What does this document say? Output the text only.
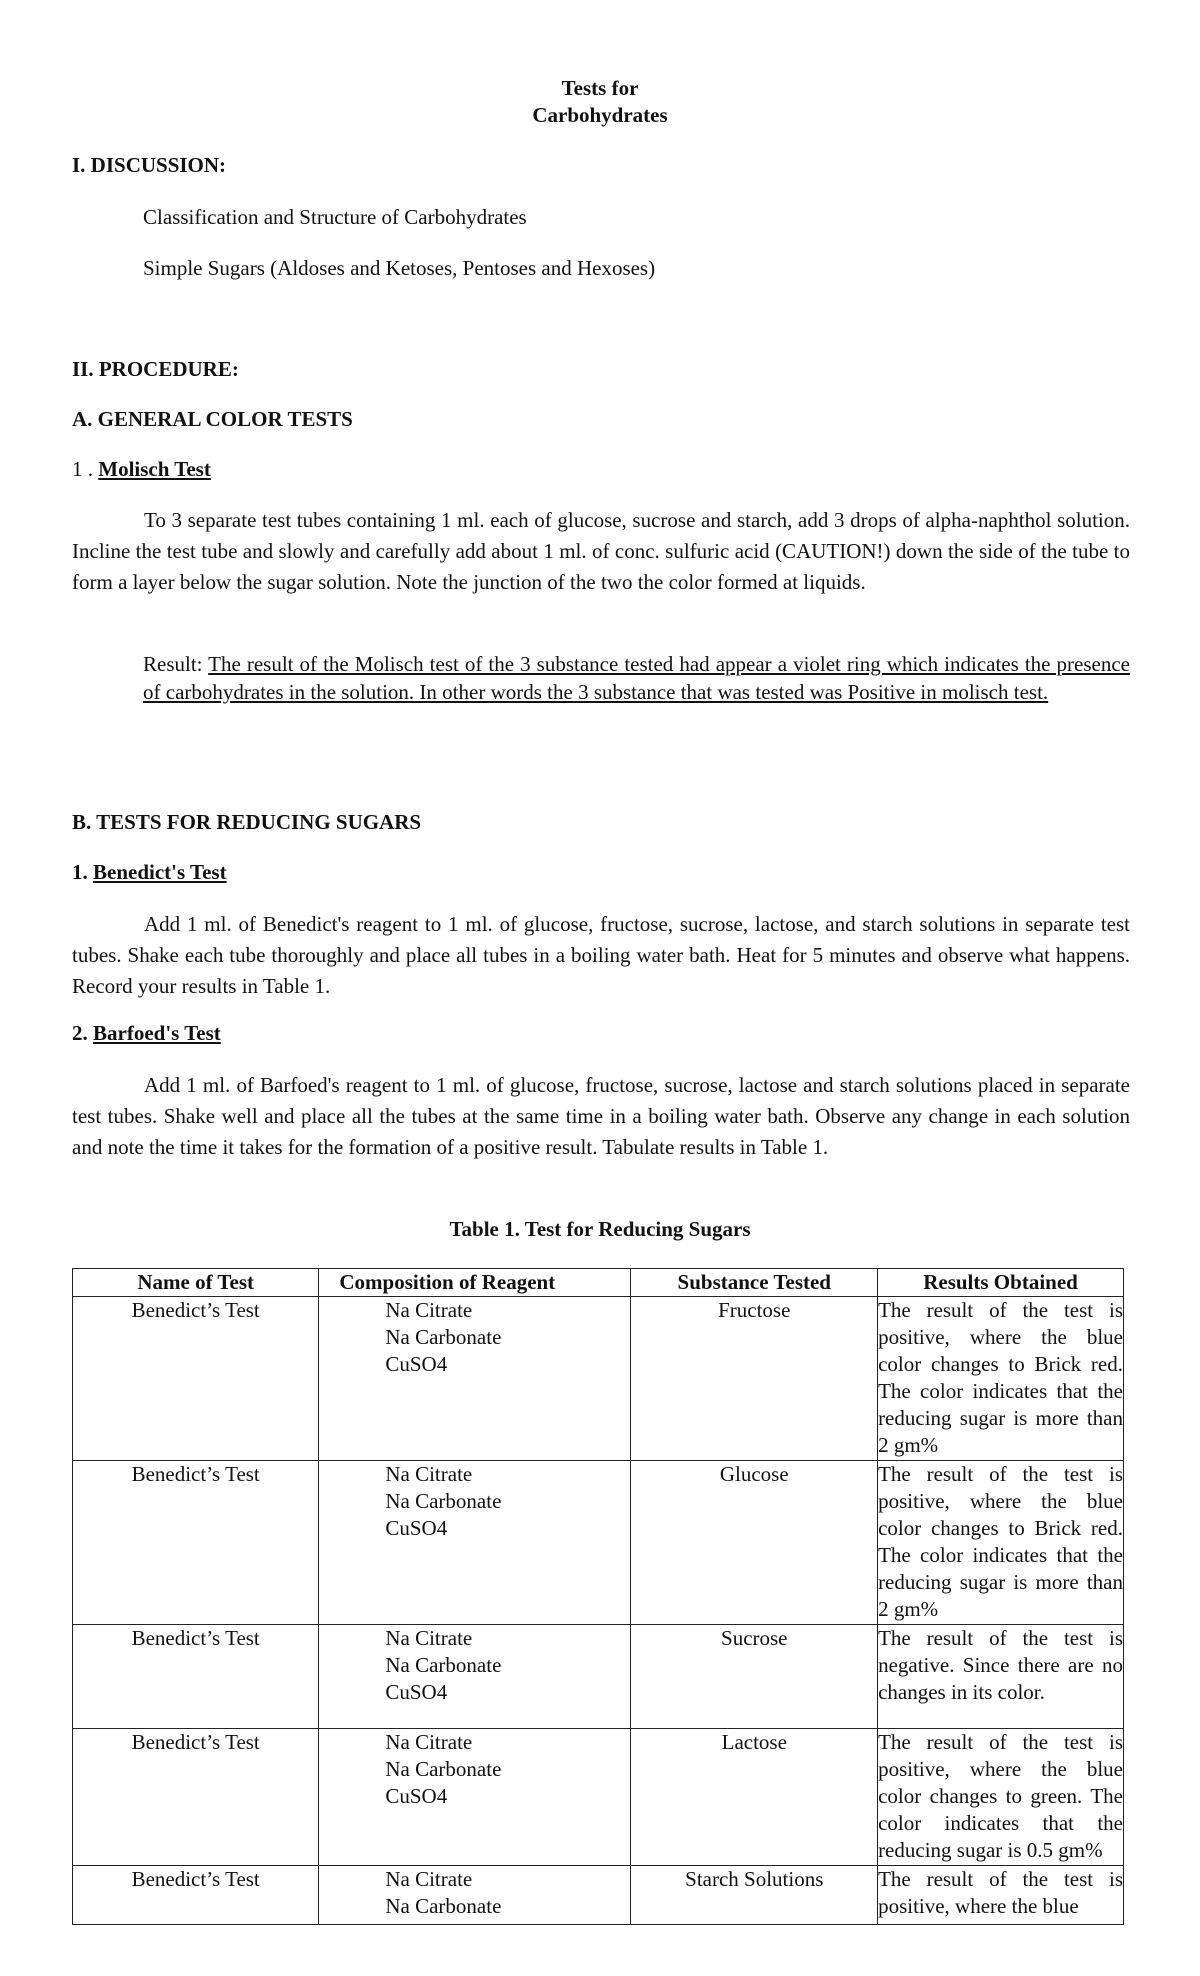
Tests for
Carbohydrates
I. DISCUSSION:
Classification and Structure of Carbohydrates
Simple Sugars (Aldoses and Ketoses, Pentoses and Hexoses)
II. PROCEDURE:
A. GENERAL COLOR TESTS
1 . Molisch Test
To 3 separate test tubes containing 1 ml. each of glucose, sucrose and starch, add 3 drops of alpha-naphthol solution. Incline the test tube and slowly and carefully add about 1 ml. of conc. sulfuric acid (CAUTION!) down the side of the tube to form a layer below the sugar solution. Note the junction of the two the color formed at liquids.
Result: The result of the Molisch test of the 3 substance tested had appear a violet ring which indicates the presence of carbohydrates in the solution. In other words the 3 substance that was tested was Positive in molisch test.
B. TESTS FOR REDUCING SUGARS
1. Benedict's Test
Add 1 ml. of Benedict's reagent to 1 ml. of glucose, fructose, sucrose, lactose, and starch solutions in separate test tubes. Shake each tube thoroughly and place all tubes in a boiling water bath. Heat for 5 minutes and observe what happens. Record your results in Table 1.
2. Barfoed's Test
Add 1 ml. of Barfoed's reagent to 1 ml. of glucose, fructose, sucrose, lactose and starch solutions placed in separate test tubes. Shake well and place all the tubes at the same time in a boiling water bath. Observe any change in each solution and note the time it takes for the formation of a positive result. Tabulate results in Table 1.
Table 1. Test for Reducing Sugars
Name of Test	Composition of Reagent	Substance Tested	Results Obtained
Benedict’s Test	Na Citrate
Na Carbonate
CuSO4	Fructose	The result of the test is positive, where the blue color changes to Brick red. The color indicates that the reducing sugar is more than 2 gm%
Benedict’s Test	Na Citrate
Na Carbonate
CuSO4	Glucose	The result of the test is positive, where the blue color changes to Brick red. The color indicates that the reducing sugar is more than 2 gm%
Benedict’s Test	Na Citrate
Na Carbonate
CuSO4	Sucrose	The result of the test is negative. Since there are no changes in its color.
Benedict’s Test	Na Citrate
Na Carbonate
CuSO4	Lactose	The result of the test is positive, where the blue color changes to green. The color indicates that the reducing sugar is 0.5 gm%
Benedict’s Test	Na Citrate
Na Carbonate	Starch Solutions	The result of the test is positive, where the blue
